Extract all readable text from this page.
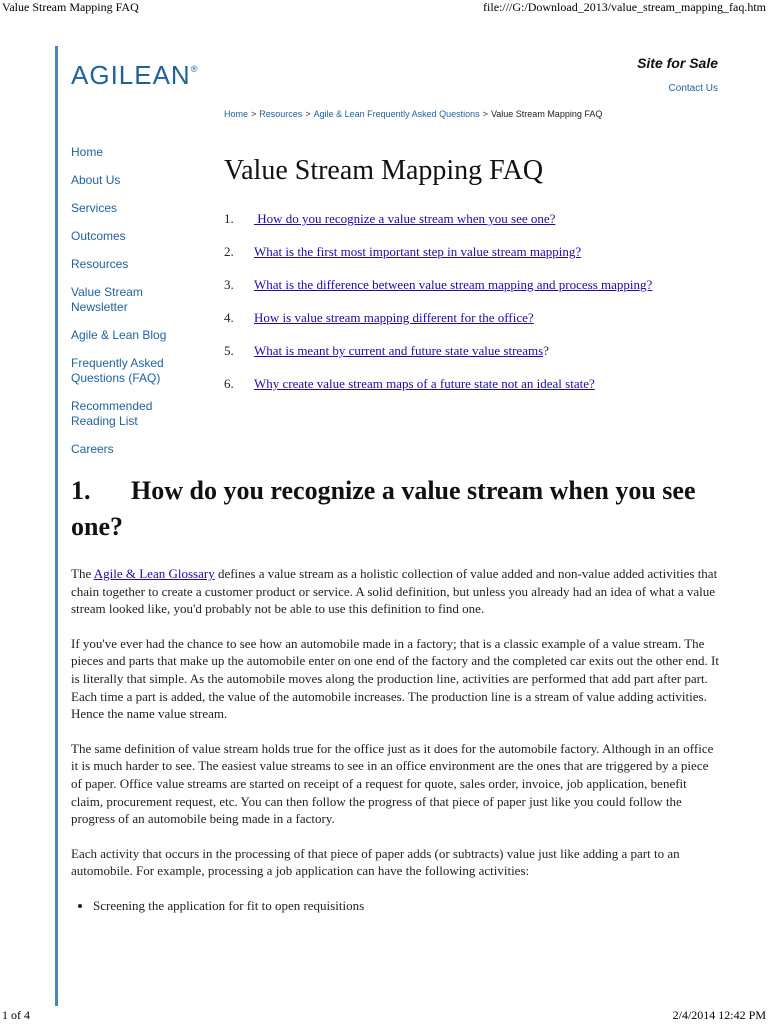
Value Stream Mapping FAQ	file:///G:/Download_2013/value_stream_mapping_faq.htm
AGILEAN®	Site for Sale
Contact Us
Home > Resources > Agile & Lean Frequently Asked Questions > Value Stream Mapping FAQ
Home
About Us
Services
Outcomes
Resources
Value Stream Newsletter
Agile & Lean Blog
Frequently Asked Questions (FAQ)
Recommended Reading List
Careers
Value Stream Mapping FAQ
1. How do you recognize a value stream when you see one?
2. What is the first most important step in value stream mapping?
3. What is the difference between value stream mapping and process mapping?
4. How is value stream mapping different for the office?
5. What is meant by current and future state value streams?
6. Why create value stream maps of a future state not an ideal state?
1. How do you recognize a value stream when you see one?

The Agile & Lean Glossary defines a value stream as a holistic collection of value added and non-value added activities that chain together to create a customer product or service. A solid definition, but unless you already had an idea of what a value stream looked like, you'd probably not be able to use this definition to find one.

If you've ever had the chance to see how an automobile made in a factory; that is a classic example of a value stream. The pieces and parts that make up the automobile enter on one end of the factory and the completed car exits out the other end. It is literally that simple. As the automobile moves along the production line, activities are performed that add part after part. Each time a part is added, the value of the automobile increases. The production line is a stream of value adding activities. Hence the name value stream.

The same definition of value stream holds true for the office just as it does for the automobile factory. Although in an office it is much harder to see. The easiest value streams to see in an office environment are the ones that are triggered by a piece of paper. Office value streams are started on receipt of a request for quote, sales order, invoice, job application, benefit claim, procurement request, etc. You can then follow the progress of that piece of paper just like you could follow the progress of an automobile being made in a factory.

Each activity that occurs in the processing of that piece of paper adds (or subtracts) value just like adding a part to an automobile. For example, processing a job application can have the following activities:

• Screening the application for fit to open requisitions
1 of 4	2/4/2014 12:42 PM
